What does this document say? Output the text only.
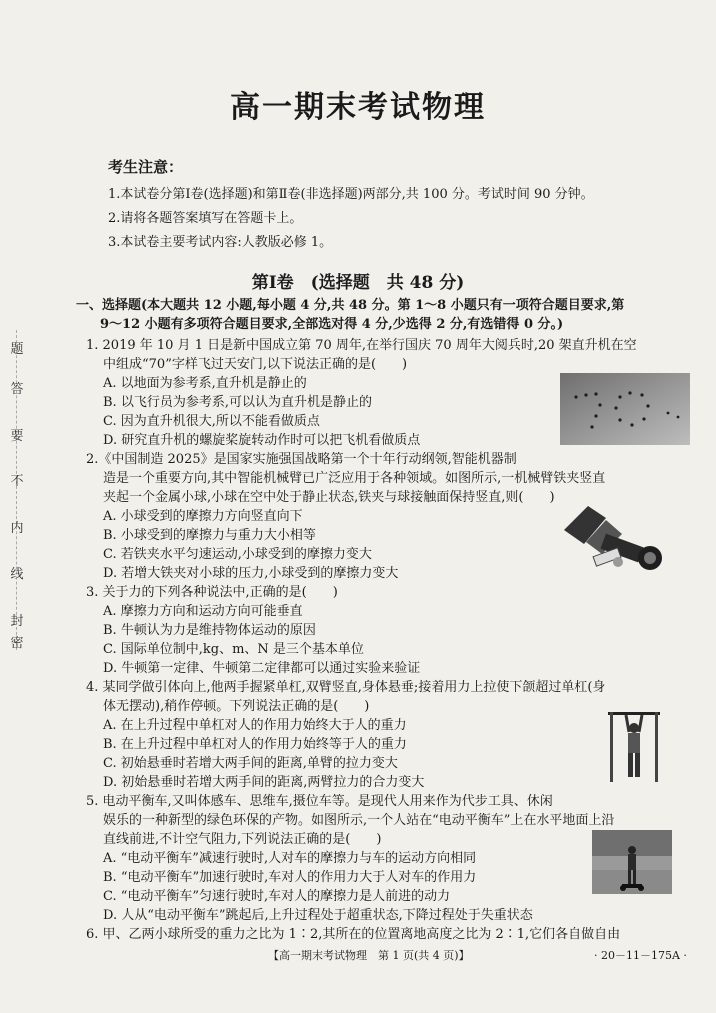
题
答
要
不
内
线
封
密
高一期末考试物理
考生注意：
1.本试卷分第Ⅰ卷(选择题)和第Ⅱ卷(非选择题)两部分,共 100 分。考试时间 90 分钟。
2.请将各题答案填写在答题卡上。
3.本试卷主要考试内容:人教版必修 1。
第Ⅰ卷　(选择题　共 48 分)
一、选择题(本大题共 12 小题,每小题 4 分,共 48 分。第 1～8 小题只有一项符合题目要求,第
9～12 小题有多项符合题目要求,全部选对得 4 分,少选得 2 分,有选错得 0 分。)
1. 2019 年 10 月 1 日是新中国成立第 70 周年,在举行国庆 70 周年大阅兵时,20 架直升机在空
中组成“70”字样飞过天安门,以下说法正确的是(　　)
A. 以地面为参考系,直升机是静止的
B. 以飞行员为参考系,可以认为直升机是静止的
C. 因为直升机很大,所以不能看做质点
D. 研究直升机的螺旋桨旋转动作时可以把飞机看做质点
2.《中国制造 2025》是国家实施强国战略第一个十年行动纲领,智能机器制
造是一个重要方向,其中智能机械臂已广泛应用于各种领域。如图所示,一机械臂铁夹竖直
夹起一个金属小球,小球在空中处于静止状态,铁夹与球接触面保持竖直,则(　　)
A. 小球受到的摩擦力方向竖直向下
B. 小球受到的摩擦力与重力大小相等
C. 若铁夹水平匀速运动,小球受到的摩擦力变大
D. 若增大铁夹对小球的压力,小球受到的摩擦力变大
3. 关于力的下列各种说法中,正确的是(　　)
A. 摩擦力方向和运动方向可能垂直
B. 牛顿认为力是维持物体运动的原因
C. 国际单位制中,kg、m、N 是三个基本单位
D. 牛顿第一定律、牛顿第二定律都可以通过实验来验证
4. 某同学做引体向上,他两手握紧单杠,双臂竖直,身体悬垂;接着用力上拉使下颌超过单杠(身
体无摆动),稍作停顿。下列说法正确的是(　　)
A. 在上升过程中单杠对人的作用力始终大于人的重力
B. 在上升过程中单杠对人的作用力始终等于人的重力
C. 初始悬垂时若增大两手间的距离,单臂的拉力变大
D. 初始悬垂时若增大两手间的距离,两臂拉力的合力变大
5. 电动平衡车,又叫体感车、思维车,摄位车等。是现代人用来作为代步工具、休闲
娱乐的一种新型的绿色环保的产物。如图所示,一个人站在“电动平衡车”上在水平地面上沿
直线前进,不计空气阻力,下列说法正确的是(　　)
A. “电动平衡车”减速行驶时,人对车的摩擦力与车的运动方向相同
B. “电动平衡车”加速行驶时,车对人的作用力大于人对车的作用力
C. “电动平衡车”匀速行驶时,车对人的摩擦力是人前进的动力
D. 人从“电动平衡车”跳起后,上升过程处于超重状态,下降过程处于失重状态
6. 甲、乙两小球所受的重力之比为 1∶2,其所在的位置离地高度之比为 2∶1,它们各自做自由
【高一期末考试物理　第 1 页(共 4 页)】	· 20－11－175A ·
